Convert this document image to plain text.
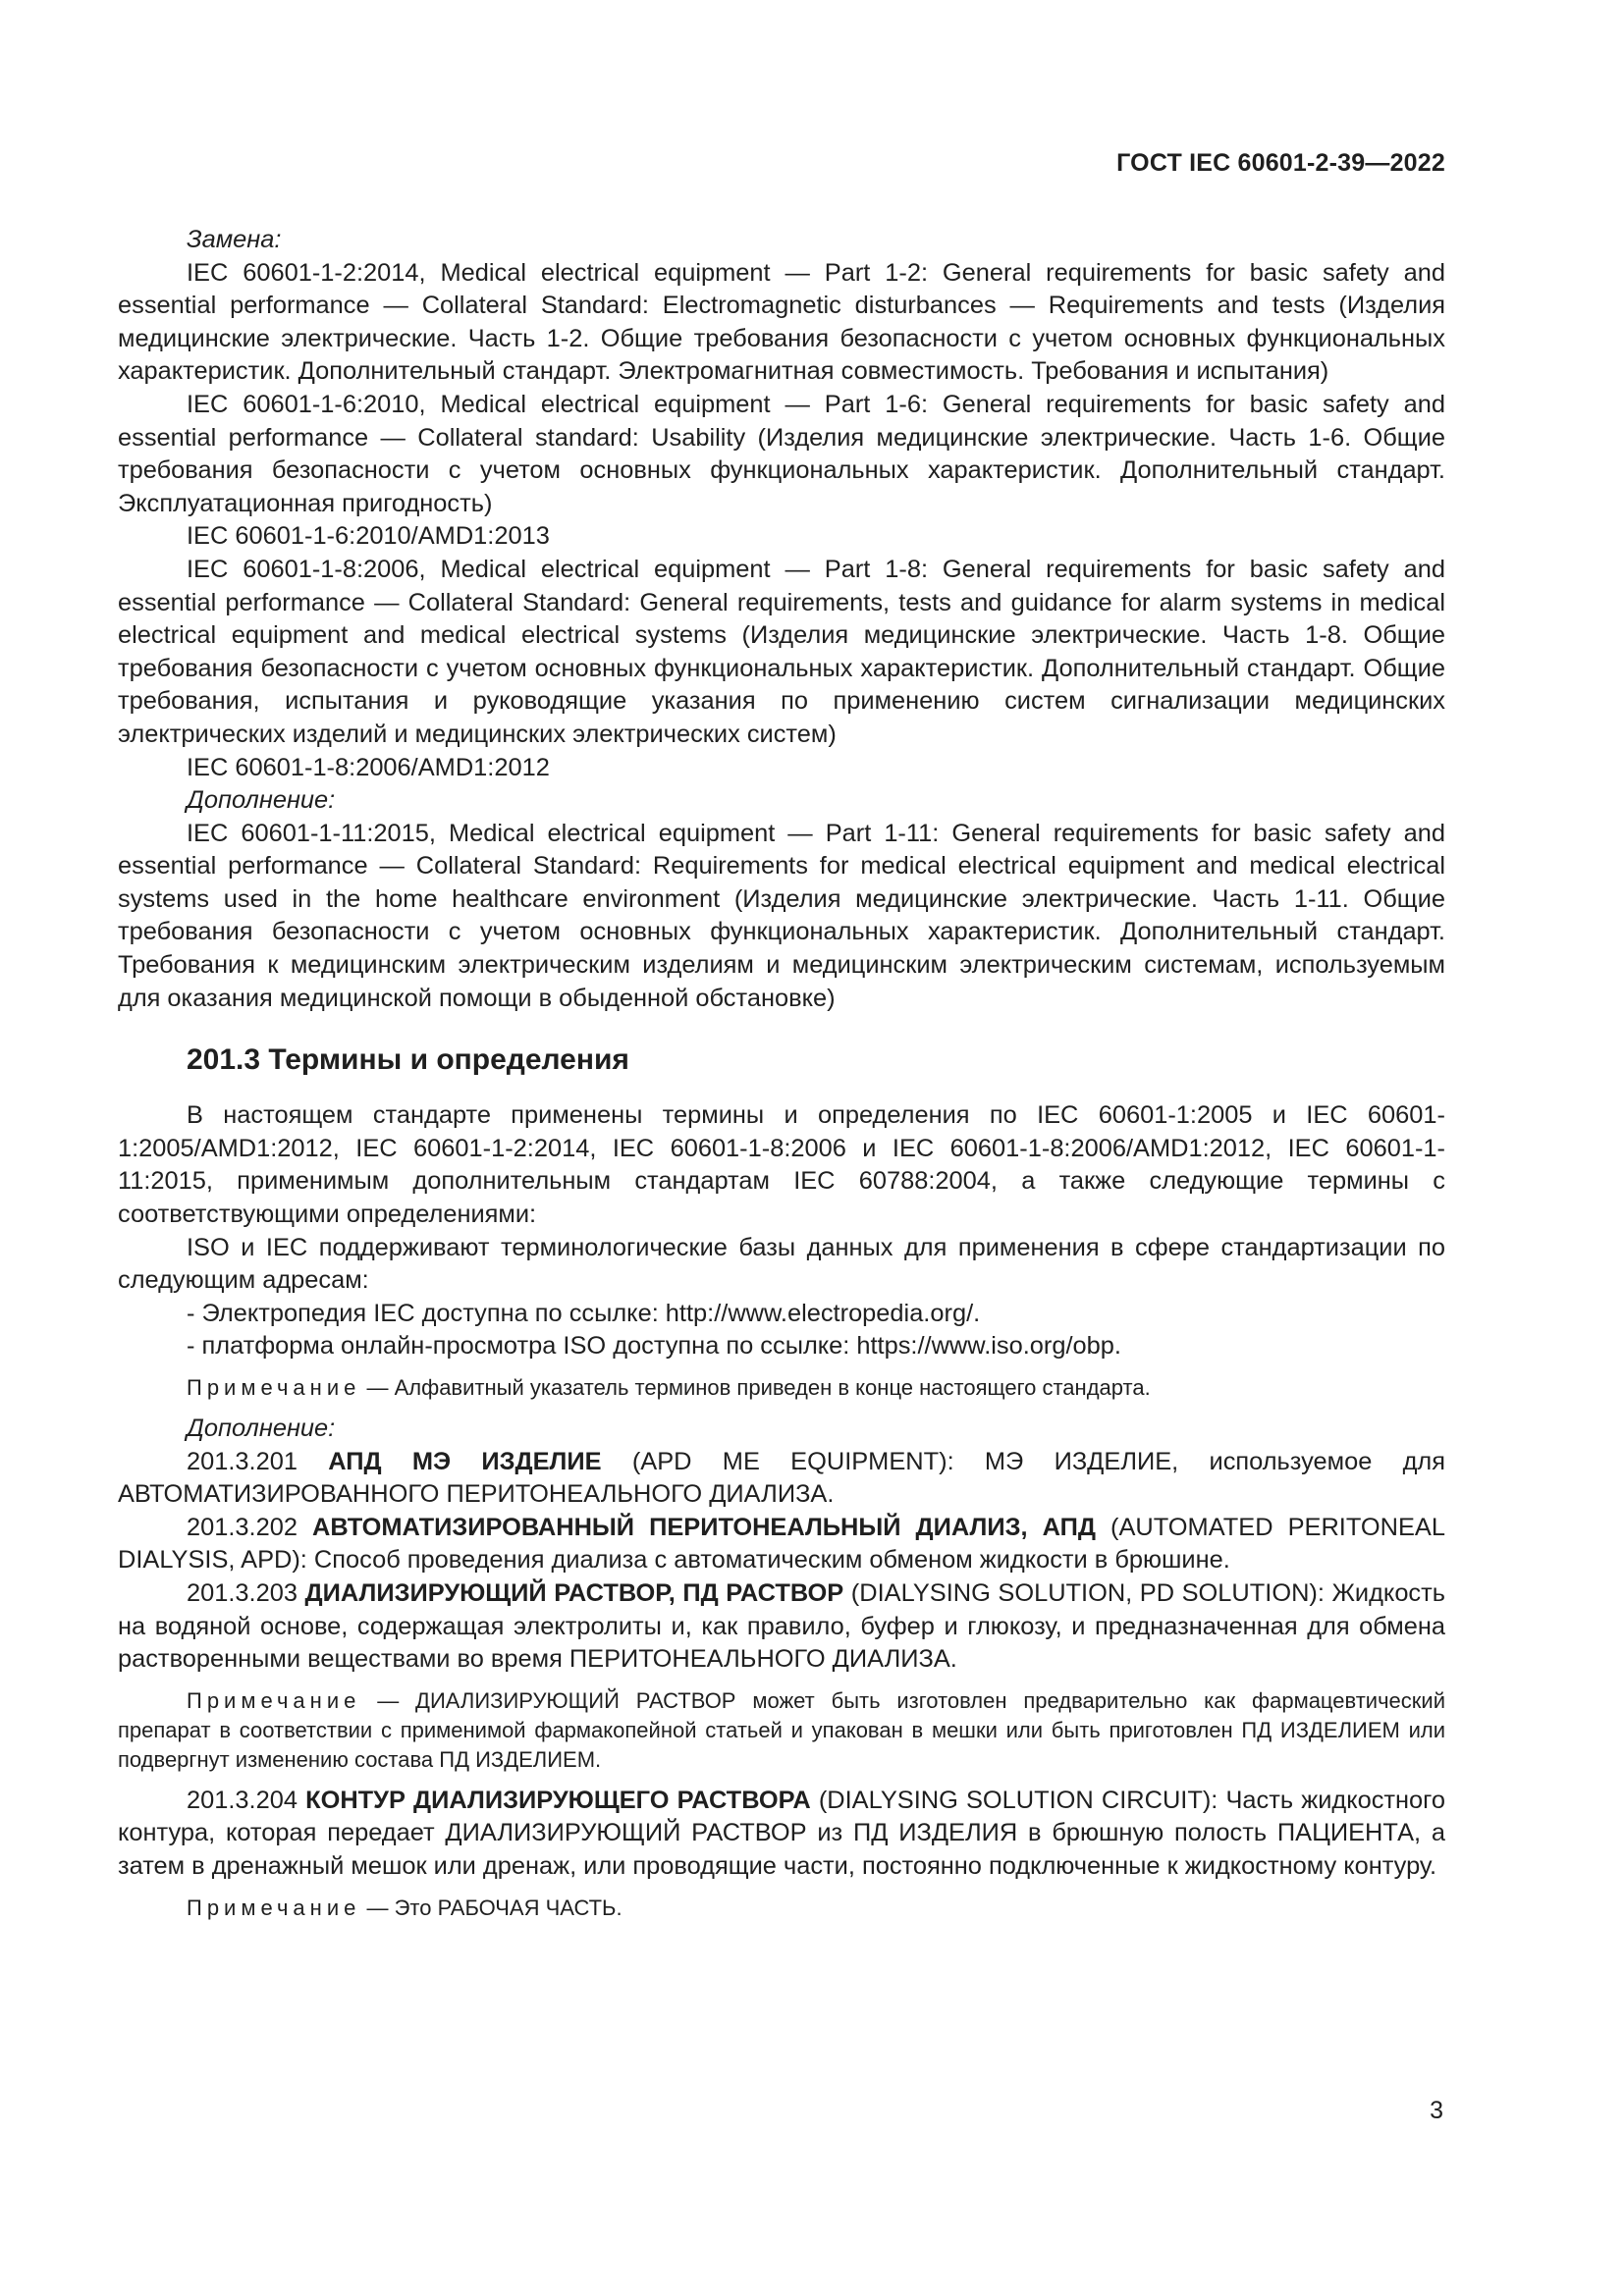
ГОСТ IEC 60601-2-39—2022

Замена:

IEC 60601-1-2:2014, Medical electrical equipment — Part 1-2: General requirements for basic safety and essential performance — Collateral Standard: Electromagnetic disturbances — Requirements and tests (Изделия медицинские электрические. Часть 1-2. Общие требования безопасности с учетом основных функциональных характеристик. Дополнительный стандарт. Электромагнитная совместимость. Требования и испытания)

IEC 60601-1-6:2010, Medical electrical equipment — Part 1-6: General requirements for basic safety and essential performance — Collateral standard: Usability (Изделия медицинские электрические. Часть 1-6. Общие требования безопасности с учетом основных функциональных характеристик. Дополнительный стандарт. Эксплуатационная пригодность)

IEC 60601-1-6:2010/AMD1:2013

IEC 60601-1-8:2006, Medical electrical equipment — Part 1-8: General requirements for basic safety and essential performance — Collateral Standard: General requirements, tests and guidance for alarm systems in medical electrical equipment and medical electrical systems (Изделия медицинские электрические. Часть 1-8. Общие требования безопасности с учетом основных функциональных характеристик. Дополнительный стандарт. Общие требования, испытания и руководящие указания по применению систем сигнализации медицинских электрических изделий и медицинских электрических систем)

IEC 60601-1-8:2006/AMD1:2012

Дополнение:

IEC 60601-1-11:2015, Medical electrical equipment — Part 1-11: General requirements for basic safety and essential performance — Collateral Standard: Requirements for medical electrical equipment and medical electrical systems used in the home healthcare environment (Изделия медицинские электрические. Часть 1-11. Общие требования безопасности с учетом основных функциональных характеристик. Дополнительный стандарт. Требования к медицинским электрическим изделиям и медицинским электрическим системам, используемым для оказания медицинской помощи в обыденной обстановке)

201.3 Термины и определения

В настоящем стандарте применены термины и определения по IEC 60601-1:2005 и IEC 60601-1:2005/AMD1:2012, IEC 60601-1-2:2014, IEC 60601-1-8:2006 и IEC 60601-1-8:2006/AMD1:2012, IEC 60601-1-11:2015, применимым дополнительным стандартам IEC 60788:2004, а также следующие термины с соответствующими определениями:

ISO и IEC поддерживают терминологические базы данных для применения в сфере стандартизации по следующим адресам:

- Электропедия IEC доступна по ссылке: http://www.electropedia.org/.

- платформа онлайн-просмотра ISO доступна по ссылке: https://www.iso.org/obp.

Примечание — Алфавитный указатель терминов приведен в конце настоящего стандарта.

Дополнение:

201.3.201 АПД МЭ ИЗДЕЛИЕ (APD ME EQUIPMENT): МЭ ИЗДЕЛИЕ, используемое для АВТОМАТИЗИРОВАННОГО ПЕРИТОНЕАЛЬНОГО ДИАЛИЗА.

201.3.202 АВТОМАТИЗИРОВАННЫЙ ПЕРИТОНЕАЛЬНЫЙ ДИАЛИЗ, АПД (AUTOMATED PERITONEAL DIALYSIS, APD): Способ проведения диализа с автоматическим обменом жидкости в брюшине.

201.3.203 ДИАЛИЗИРУЮЩИЙ РАСТВОР, ПД РАСТВОР (DIALYSING SOLUTION, PD SOLUTION): Жидкость на водяной основе, содержащая электролиты и, как правило, буфер и глюкозу, и предназначенная для обмена растворенными веществами во время ПЕРИТОНЕАЛЬНОГО ДИАЛИЗА.

Примечание — ДИАЛИЗИРУЮЩИЙ РАСТВОР может быть изготовлен предварительно как фармацевтический препарат в соответствии с применимой фармакопейной статьей и упакован в мешки или быть приготовлен ПД ИЗДЕЛИЕМ или подвергнут изменению состава ПД ИЗДЕЛИЕМ.

201.3.204 КОНТУР ДИАЛИЗИРУЮЩЕГО РАСТВОРА (DIALYSING SOLUTION CIRCUIT): Часть жидкостного контура, которая передает ДИАЛИЗИРУЮЩИЙ РАСТВОР из ПД ИЗДЕЛИЯ в брюшную полость ПАЦИЕНТА, а затем в дренажный мешок или дренаж, или проводящие части, постоянно подключенные к жидкостному контуру.

Примечание — Это РАБОЧАЯ ЧАСТЬ.

3
